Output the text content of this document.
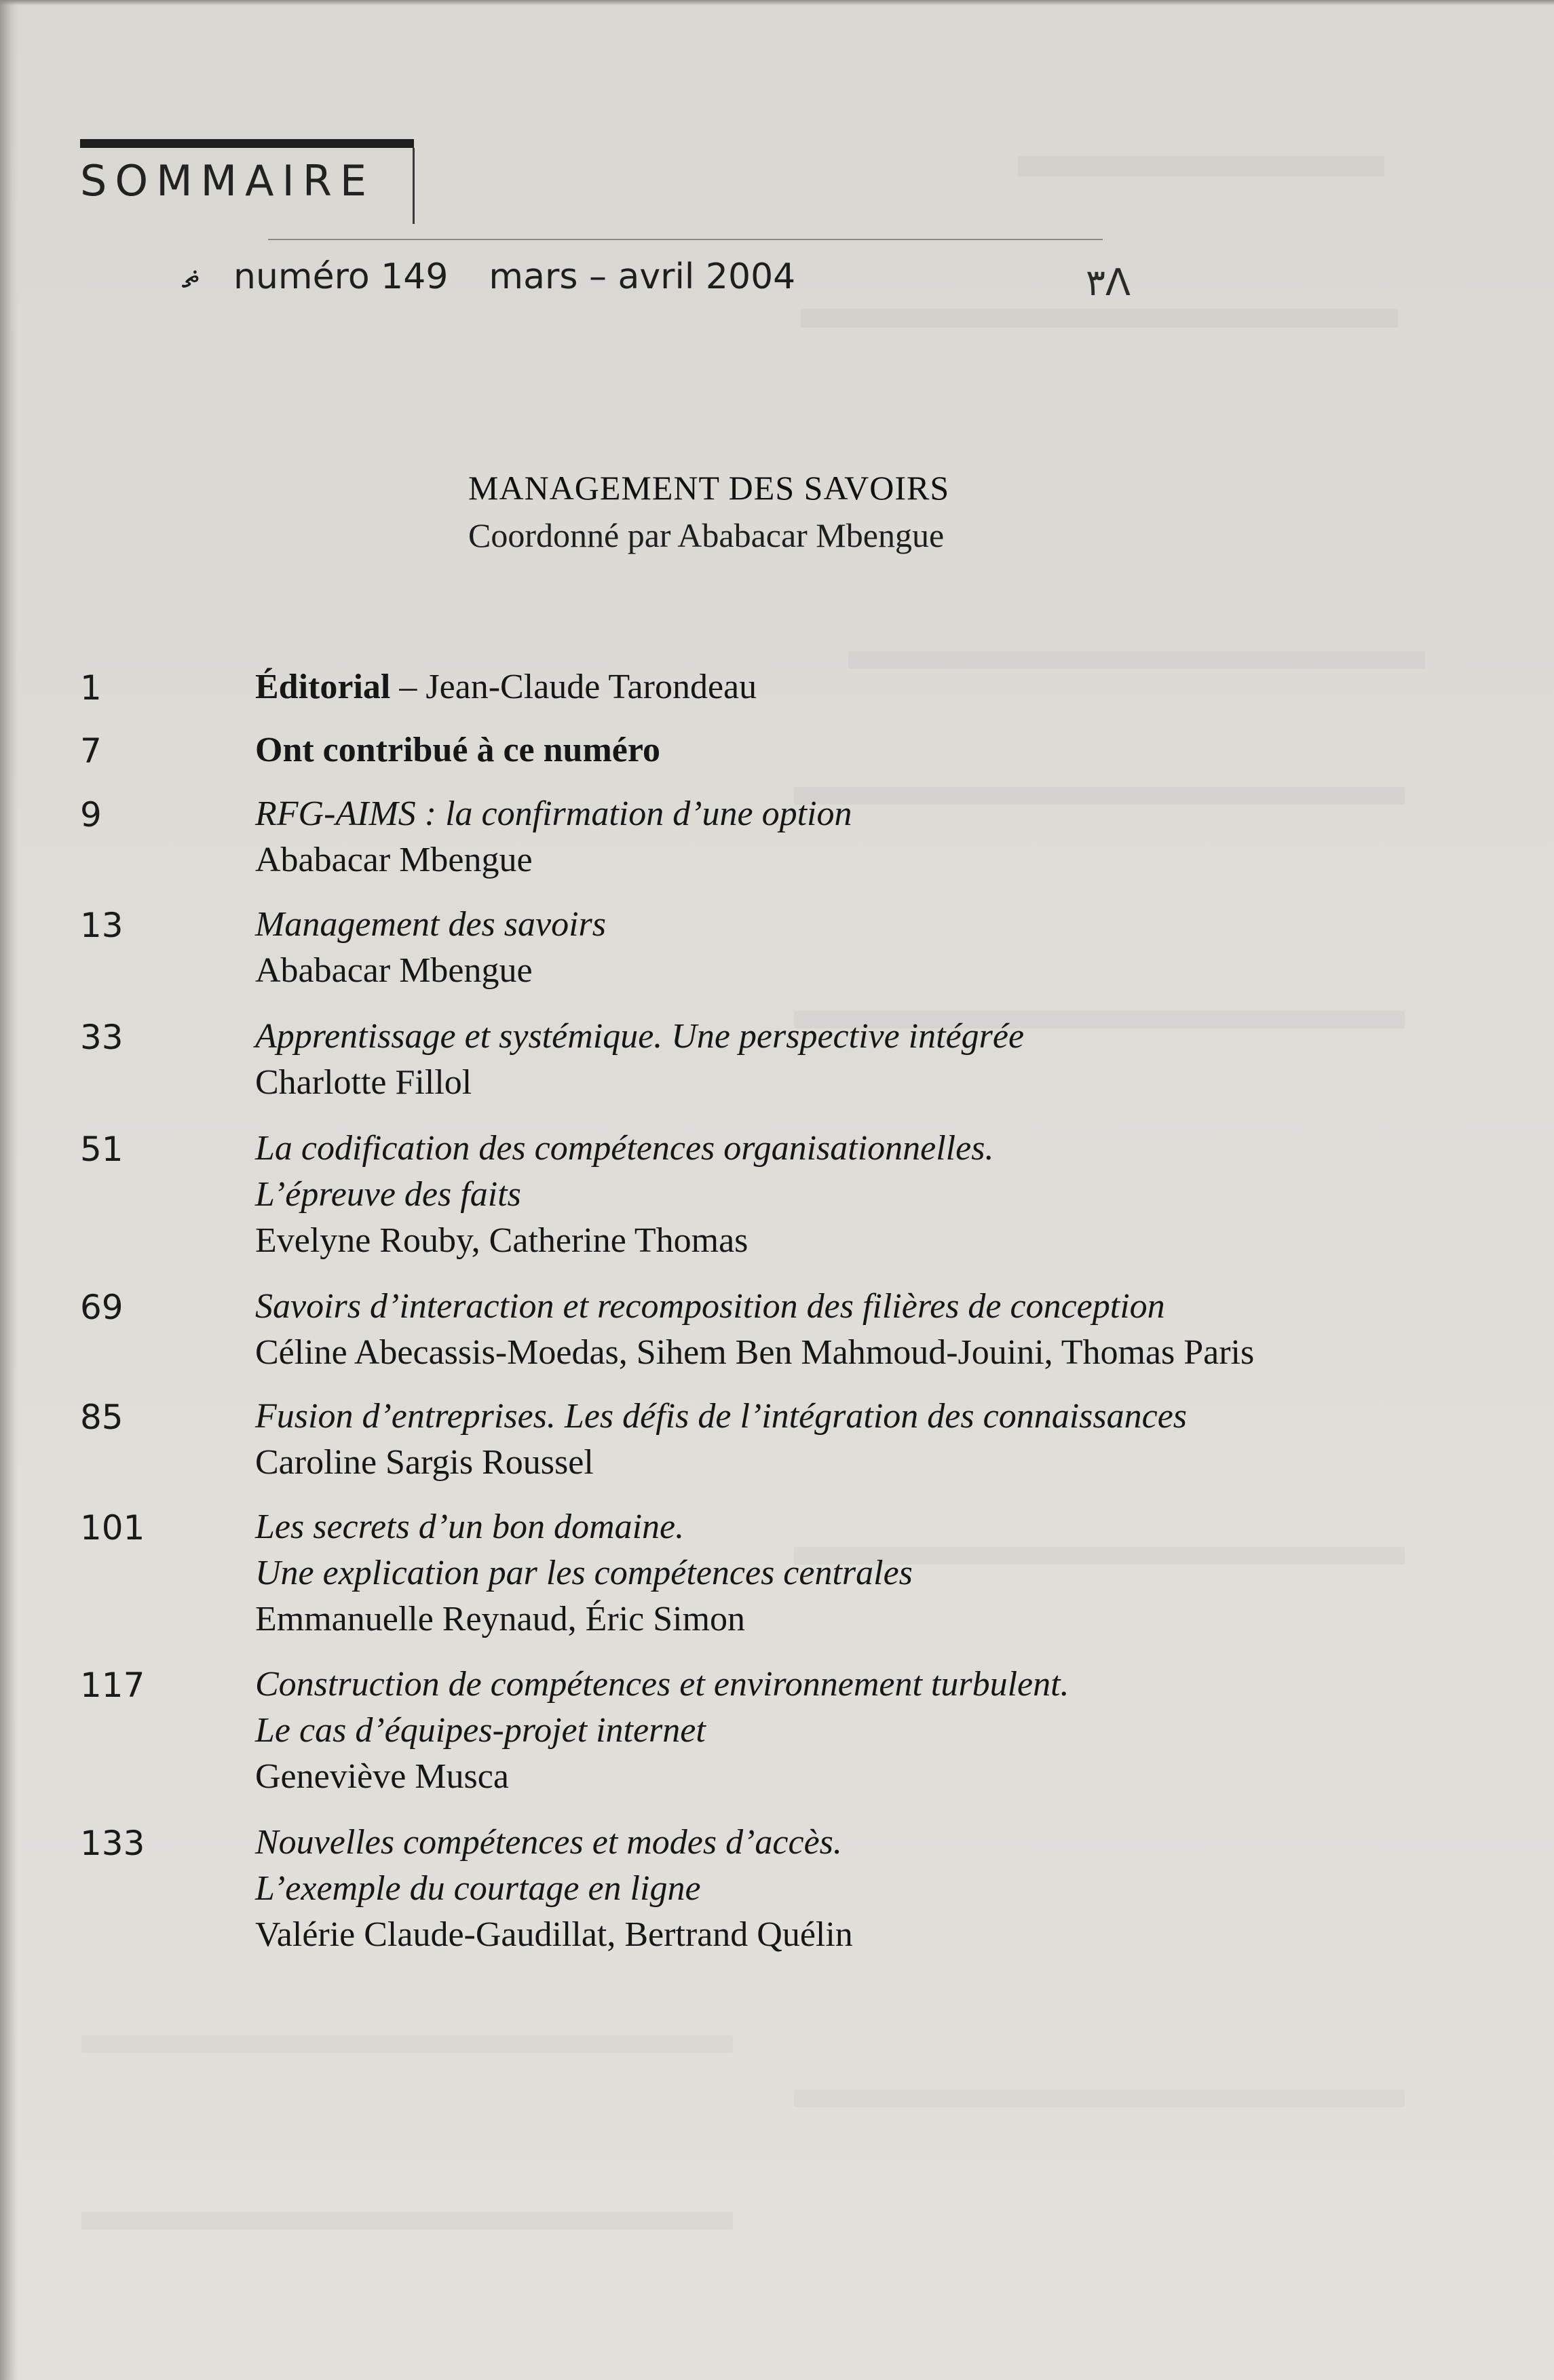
SOMMAIRE
ޡ numéro 149 mars – avril 2004	٣Λ
MANAGEMENT DES SAVOIRS
Coordonné par Ababacar Mbengue
1	Éditorial – Jean-Claude Tarondeau
7	Ont contribué à ce numéro
9	RFG-AIMS : la confirmation d’une option
Ababacar Mbengue
13	Management des savoirs
Ababacar Mbengue
33	Apprentissage et systémique. Une perspective intégrée
Charlotte Fillol
51	La codification des compétences organisationnelles.
L’épreuve des faits
Evelyne Rouby, Catherine Thomas
69	Savoirs d’interaction et recomposition des filières de conception
Céline Abecassis-Moedas, Sihem Ben Mahmoud-Jouini, Thomas Paris
85	Fusion d’entreprises. Les défis de l’intégration des connaissances
Caroline Sargis Roussel
101	Les secrets d’un bon domaine.
Une explication par les compétences centrales
Emmanuelle Reynaud, Éric Simon
117	Construction de compétences et environnement turbulent.
Le cas d’équipes-projet internet
Geneviève Musca
133	Nouvelles compétences et modes d’accès.
L’exemple du courtage en ligne
Valérie Claude-Gaudillat, Bertrand Quélin
